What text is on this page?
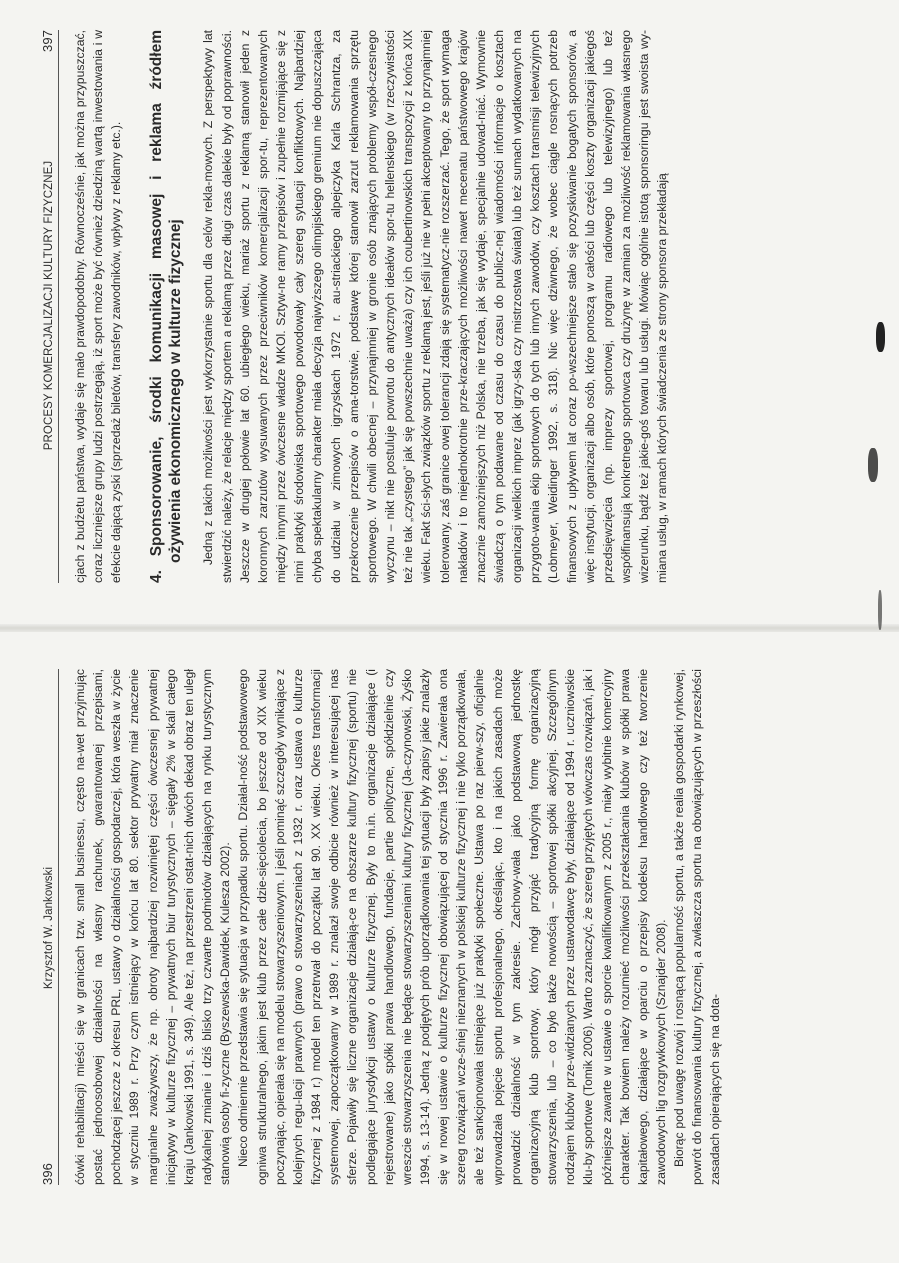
396
Krzysztof W. Jankowski ćówki rehabilitacji) mieści się w granicach tzw. small businessu, często na-wet przyjmując postać jednoosobowej działalności na własny rachunek, gwarantowanej przepisami, pochodzącej jeszcze z okresu PRL, ustawy o działalności gospodarczej, która weszła w życie w styczniu 1989 r. Przy czym istniejący w końcu lat 80. sektor prywatny miał znaczenie marginalne zważywszy, że np. obroty najbardziej rozwiniętej części ówczesnej prywatnej inicjatywy w kulturze fizycznej – prywatnych biur turystycznych – sięgały 2% w skali całego kraju (Jankowski 1991, s. 349). Ale też, na przestrzeni ostat-nich dwóch dekad obraz ten uległ radykalnej zmianie i dziś blisko trzy czwarte podmiotów działających na rynku turystycznym stanowią osoby fi-zyczne (Byszewska-Dawidek, Kulesza 2002). Nieco odmiennie przedstawia się sytuacja w przypadku sportu. Działal-ność podstawowego ogniwa strukturalnego, jakim jest klub przez całe dzie-sięciolecia, bo jeszcze od XIX wieku poczynając, opierała się na modelu stowarzyszeniowym. I jeśli pominąć szczegóły wynikające z kolejnych regu-lacji prawnych (prawo o stowarzyszeniach z 1932 r. oraz ustawa o kulturze fizycznej z 1984 r.) model ten przetrwał do początku lat 90. XX wieku. Okres transformacji systemowej, zapoczątkowany w 1989 r. znalazł swoje odbicie również w interesującej nas sferze. Pojawiły się liczne organizacje działają-ce na obszarze kultury fizycznej (sportu) nie podlegające jurysdykcji ustawy o kulturze fizycznej. Były to m.in. organizacje działające (i rejestrowane) jako spółki prawa handlowego, fundacje, partie polityczne, spółdzielnie czy wreszcie stowarzyszenia nie będące stowarzyszeniami kultury fizycznej (Ja-czynowski, Żyśko 1994, s. 13-14). Jedną z podjętych prób uporządkowania tej sytuacji były zapisy jakie znalazły się w nowej ustawie o kulturze fizycznej obowiązującej od stycznia 1996 r. Zawierała ona szereg rozwiązań wcze-śniej nieznanych w polskiej kulturze fizycznej i nie tylko porządkowała, ale też sankcjonowała istniejące już praktyki społeczne. Ustawa po raz pierw-szy, oficjalnie wprowadzała pojęcie sportu profesjonalnego, określając, kto i na jakich zasadach może prowadzić działalność w tym zakresie. Zachowy-wała jako podstawową jednostkę organizacyjną klub sportowy, który mógł przyjąć tradycyjną formę organizacyjną stowarzyszenia, lub – co było także nowością – sportowej spółki akcyjnej. Szczególnym rodzajem klubów prze-widzianych przez ustawodawcę były, działające od 1994 r. uczniowskie klu-by sportowe (Tomik 2006). Warto zaznaczyć, że szereg przyjętych wówczas rozwiązań, jak i późniejsze zawarte w ustawie o sporcie kwalifikowanym z 2005 r., miały wybitnie komercyjny charakter. Tak bowiem należy rozumieć możliwości przekształcania klubów w spółki prawa kapitałowego, działające w oparciu o przepisy kodeksu handlowego czy też tworzenie zawodowych lig rozgrywkowych (Sznajder 2008). Biorąc pod uwagę rozwój i rosnącą popularność sportu, a także realia gospodarki rynkowej, powrót do finansowania kultury fizycznej, a zwłaszcza sportu na obowiązujących w przeszłości zasadach opierających się na dota-

PROCESY KOMERCJALIZACJI KULTURY FIZYCZNEJ
397 cjach z budżetu państwa, wydaje się mało prawdopodobny. Równocześnie, jak można przypuszczać, coraz liczniejsze grupy ludzi postrzegają, iż sport może być również dziedziną wartą inwestowania i w efekcie dającą zyski (sprzedaż biletów, transfery zawodników, wpływy z reklamy etc.). 4. Sponsorowanie, środki komunikacji masowej i reklama źródłem ożywienia ekonomicznego w kulturze fizycznej Jedną z takich możliwości jest wykorzystanie sportu dla celów rekla-mowych. Z perspektywy lat stwierdzić należy, że relacje między sportem a reklamą przez długi czas dalekie były od poprawności. Jeszcze w drugiej połowie lat 60. ubiegłego wieku, mariaż sportu z reklamą stanowił jeden z koronnych zarzutów wysuwanych przez przeciwników komercjalizacji spor-tu, reprezentowanych między innymi przez ówczesne władze MKOl. Sztyw-ne ramy przepisów i zupełnie rozmijające się z nimi praktyki środowiska sportowego powodowały cały szereg sytuacji konfliktowych. Najbardziej chyba spektakularny charakter miała decyzja najwyższego olimpijskiego gremium nie dopuszczająca do udziału w zimowych igrzyskach 1972 r. au-striackiego alpejczyka Karla Schrantza, za przekroczenie przepisów o ama-torstwie, podstawę której stanowił zarzut reklamowania sprzętu sportowego. W chwili obecnej – przynajmniej w gronie osób znających problemy współ-czesnego wyczynu – nikt nie postuluje powrotu do antycznych ideałów spor-tu hellenskiego (w rzeczywistości też nie tak „czystego” jak się powszechnie uważa) czy ich coubertinowskich transpozycji z końca XIX wieku. Fakt ści-słych związków sportu z reklamą jest, jeśli już nie w pełni akceptowany to przynajmniej tolerowany, zaś granice owej tolerancji zdają się systematycz-nie rozszerzać. Tego, że sport wymaga nakładów i to niejednokrotnie prze-kraczających możliwości nawet mecenatu państwowego krajów znacznie zamożniejszych niż Polska, nie trzeba, jak się wydaje, specjalnie udowad-niać. Wymownie świadczą o tym podawane od czasu do czasu do publicz-nej wiadomości informacje o kosztach organizacji wielkich imprez (jak igrzy-ska czy mistrzostwa świata) lub też sumach wydatkowanych na przygoto-wania ekip sportowych do tych lub innych zawodów, czy kosztach transmisji telewizyjnych (Lobmeyer, Weidinger 1992, s. 318). Nic więc dziwnego, że wobec ciągle rosnących potrzeb finansowych z upływem lat coraz po-wszechniejsze stało się pozyskiwanie bogatych sponsorów, a więc instytucji, organizacji albo osób, które ponoszą w całości lub części koszty organizacji jakiegoś przedsięwzięcia (np. imprezy sportowej, programu radiowego lub telewizyjnego) lub też współfinansują konkretnego sportowca czy drużynę w zamian za możliwość reklamowania własnego wizerunku, bądź też jakie-goś towaru lub usługi. Mówiąc ogólnie istotą sponsoringu jest swoista wy-miana usług, w ramach których świadczenia ze strony sponsora przekładają
